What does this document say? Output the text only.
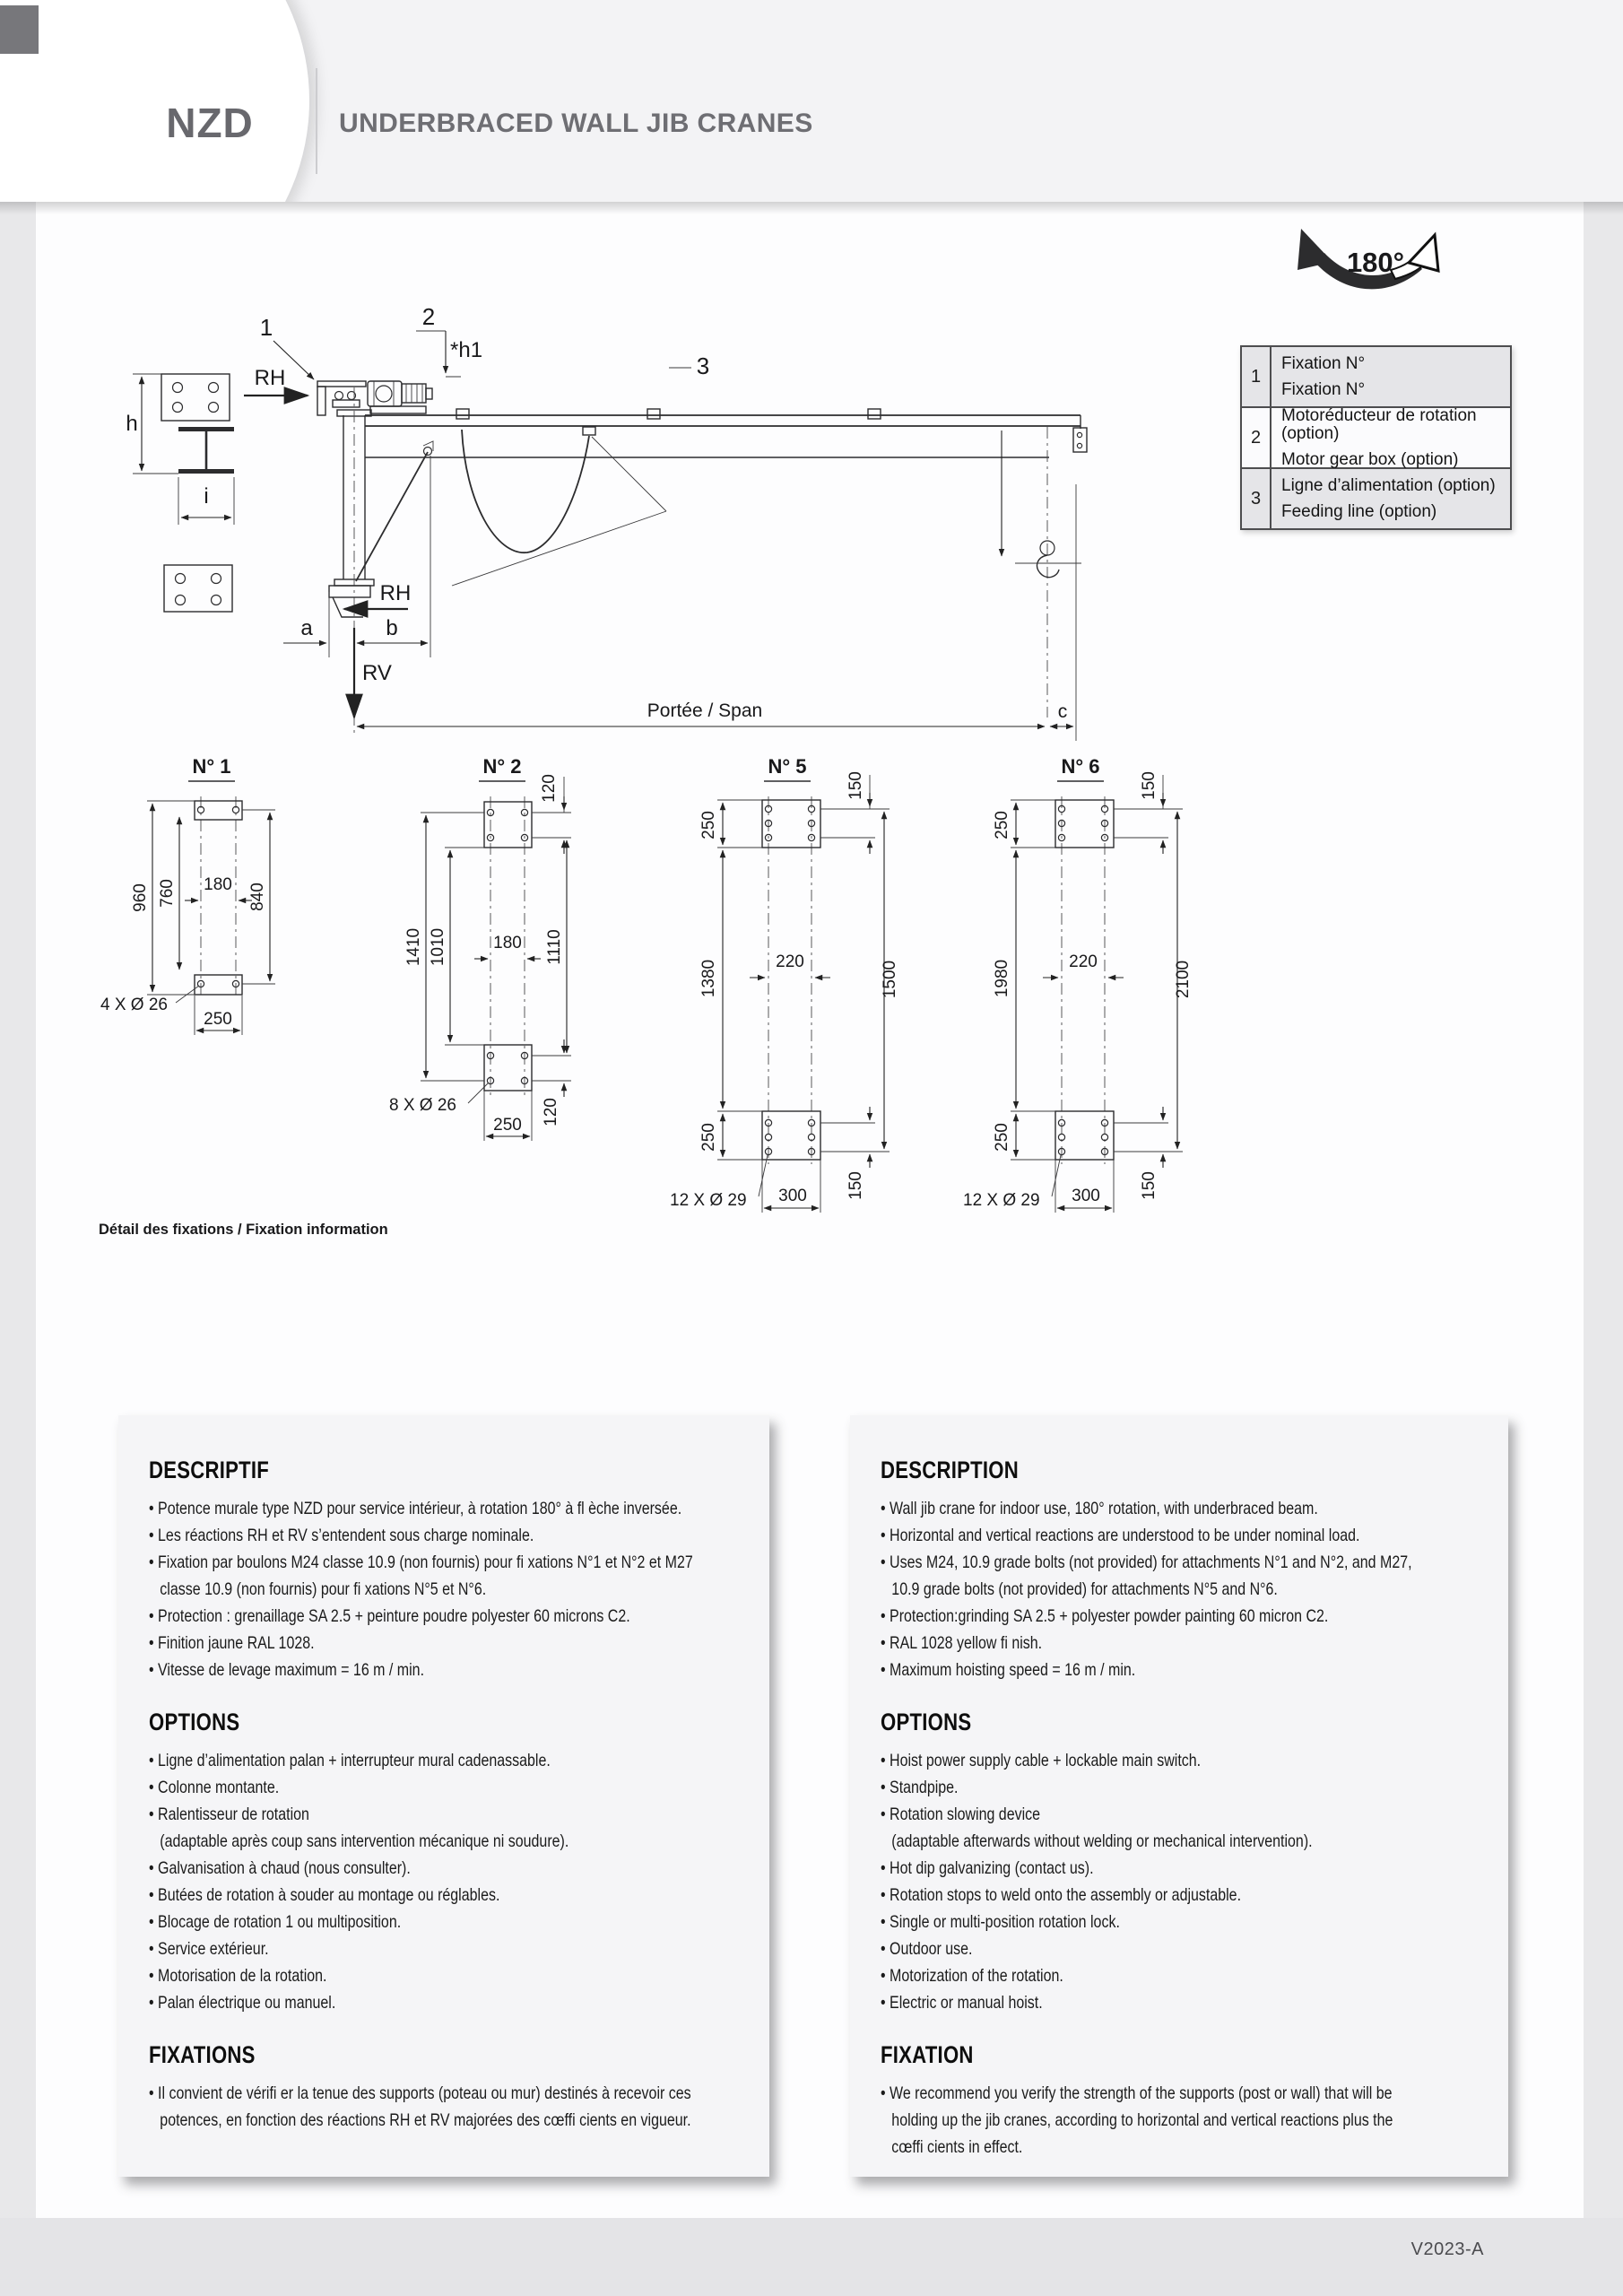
NZD	UNDERBRACED WALL JIB CRANES
1
Fixation N°
Fixation N°
2
Motoréducteur de rotation (option)
Motor gear box (option)
3
Ligne d’alimentation (option)
Feeding line (option)
180°
h
i
RH
1	2
*h1
3
RH
a	b
RV
Portée / Span	c
N° 1
960 760	840
180
4 X Ø 26
250
N° 2
1410 1010	1110
120
120
180
8 X Ø 26
250
N° 5
250
1380
250
150
1500
150
220
12 X Ø 29 300
N° 6
250
1980
250
150
2100
150
220
12 X Ø 29 300
Détail des fixations / Fixation information
DESCRIPTIF
• Potence murale type NZD pour service intérieur, à rotation 180° à fl èche inversée.
• Les réactions RH et RV s’entendent sous charge nominale.
• Fixation par boulons M24 classe 10.9 (non fournis) pour fi xations N°1 et N°2 et M27
classe 10.9 (non fournis) pour fi xations N°5 et N°6.
• Protection : grenaillage SA 2.5 + peinture poudre polyester 60 microns C2.
• Finition jaune RAL 1028.
• Vitesse de levage maximum = 16 m / min.
OPTIONS
• Ligne d’alimentation palan + interrupteur mural cadenassable.
• Colonne montante.
• Ralentisseur de rotation
(adaptable après coup sans intervention mécanique ni soudure).
• Galvanisation à chaud (nous consulter).
• Butées de rotation à souder au montage ou réglables.
• Blocage de rotation 1 ou multiposition.
• Service extérieur.
• Motorisation de la rotation.
• Palan électrique ou manuel.
FIXATIONS
• Il convient de vérifi er la tenue des supports (poteau ou mur) destinés à recevoir ces
potences, en fonction des réactions RH et RV majorées des cœffi cients en vigueur.
DESCRIPTION
• Wall jib crane for indoor use, 180° rotation, with underbraced beam.
• Horizontal and vertical reactions are understood to be under nominal load.
• Uses M24, 10.9 grade bolts (not provided) for attachments N°1 and N°2, and M27,
10.9 grade bolts (not provided) for attachments N°5 and N°6.
• Protection:grinding SA 2.5 + polyester powder painting 60 micron C2.
• RAL 1028 yellow fi nish.
• Maximum hoisting speed = 16 m / min.
OPTIONS
• Hoist power supply cable + lockable main switch.
• Standpipe.
• Rotation slowing device
(adaptable afterwards without welding or mechanical intervention).
• Hot dip galvanizing (contact us).
• Rotation stops to weld onto the assembly or adjustable.
• Single or multi-position rotation lock.
• Outdoor use.
• Motorization of the rotation.
• Electric or manual hoist.
FIXATION
• We recommend you verify the strength of the supports (post or wall) that will be
holding up the jib cranes, according to horizontal and vertical reactions plus the
cœffi cients in effect.
V2023-A
